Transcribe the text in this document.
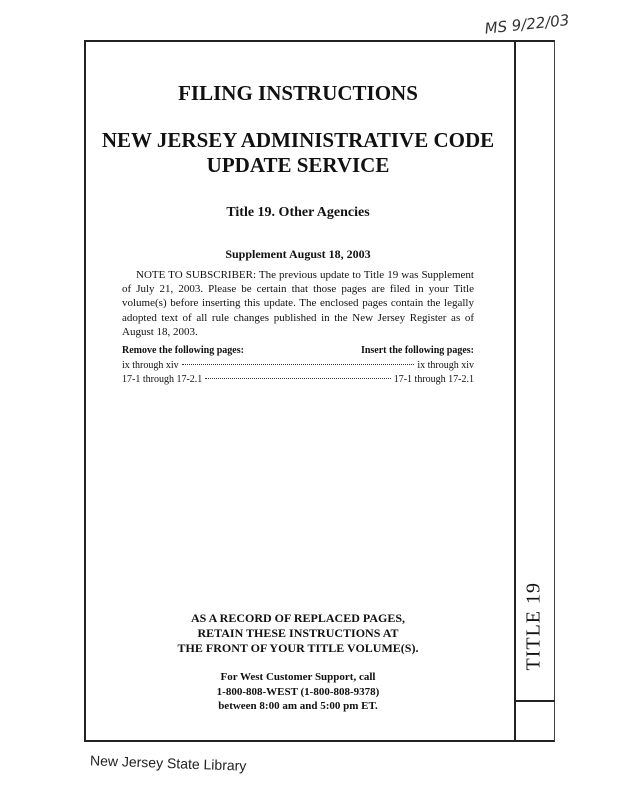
MS 9/22/03
TITLE 19
FILING INSTRUCTIONS
NEW JERSEY ADMINISTRATIVE CODE
UPDATE SERVICE
Title 19. Other Agencies
Supplement August 18, 2003
NOTE TO SUBSCRIBER: The previous update to Title 19 was Supplement of July 21, 2003. Please be certain that those pages are filed in your Title volume(s) before inserting this update. The enclosed pages contain the legally adopted text of all rule changes published in the New Jersey Register as of August 18, 2003.
Remove the following pages:	Insert the following pages:
ix through xiv	ix through xiv
17-1 through 17-2.1	17-1 through 17-2.1
AS A RECORD OF REPLACED PAGES,
RETAIN THESE INSTRUCTIONS AT
THE FRONT OF YOUR TITLE VOLUME(S).
For West Customer Support, call
1-800-808-WEST (1-800-808-9378)
between 8:00 am and 5:00 pm ET.
New Jersey State Library
